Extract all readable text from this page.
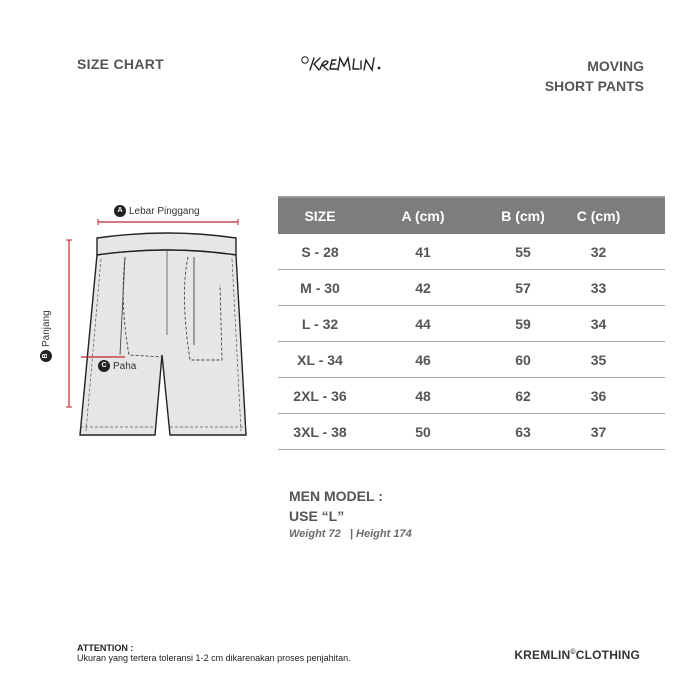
SIZE CHART	MOVING
SHORT PANTS
A Lebar Pinggang
B
Panjang
C Paha
SIZE	A (cm)	B (cm)	C (cm)
S - 28	41	55	32
M - 30	42	57	33
L - 32	44	59	34
XL - 34	46	60	35
2XL - 36	48	62	36
3XL - 38	50	63	37
MEN MODEL :
USE “L”
Weight 72   | Height 174
ATTENTION :
Ukuran yang tertera toleransi 1-2 cm dikarenakan proses penjahitan.	KREMLIN©CLOTHING
